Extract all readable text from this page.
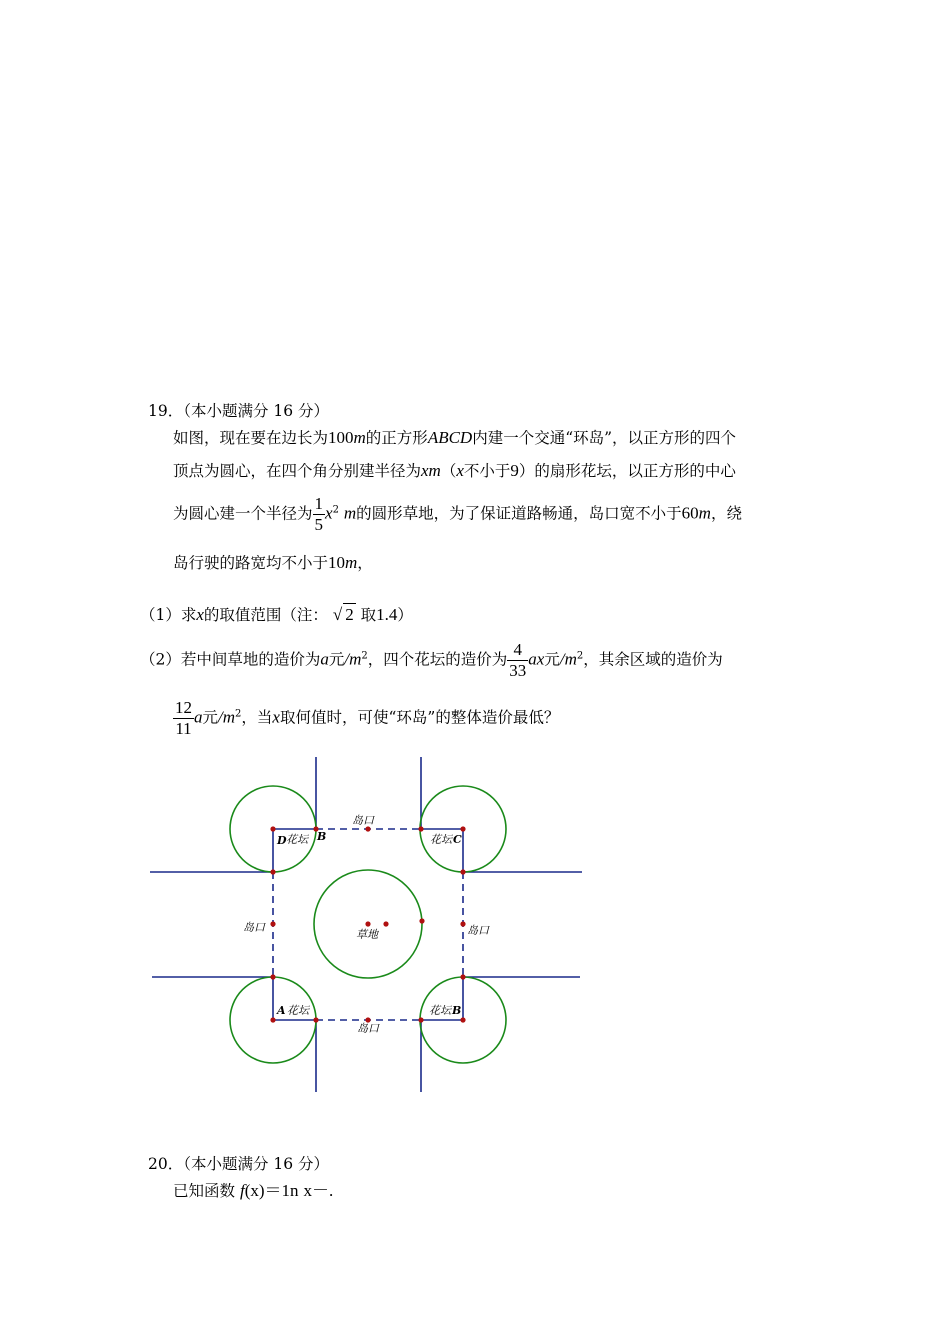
19．（本小题满分 16 分）
如图，现在要在边长为100m的正方形ABCD内建一个交通“环岛”，以正方形的四个
顶点为圆心，在四个角分别建半径为xm（x不小于9）的扇形花坛，以正方形的中心
为圆心建一个半径为 $\frac{1}{5} x^2$ m的圆形草地，为了保证道路畅通，岛口宽不小于60m，绕
岛行驶的路宽均不小于10m，
（1）求x的取值范围（注： √ 2 取1.4）
（2）若中间草地的造价为a元$/m^2$，四个花坛的造价为 $\frac{4}{33}$ ax元$/m^2$，其余区域的造价为
$\frac{12}{11}$ a元$/m^2$，当x取何值时，可使“环岛”的整体造价最低？
岛口
岛口	岛口
岛口
草地
花坛	花坛
花坛	花坛
D	B	C
A	B
20．（本小题满分 16 分）
已知函数 f(x)＝1n x－.
